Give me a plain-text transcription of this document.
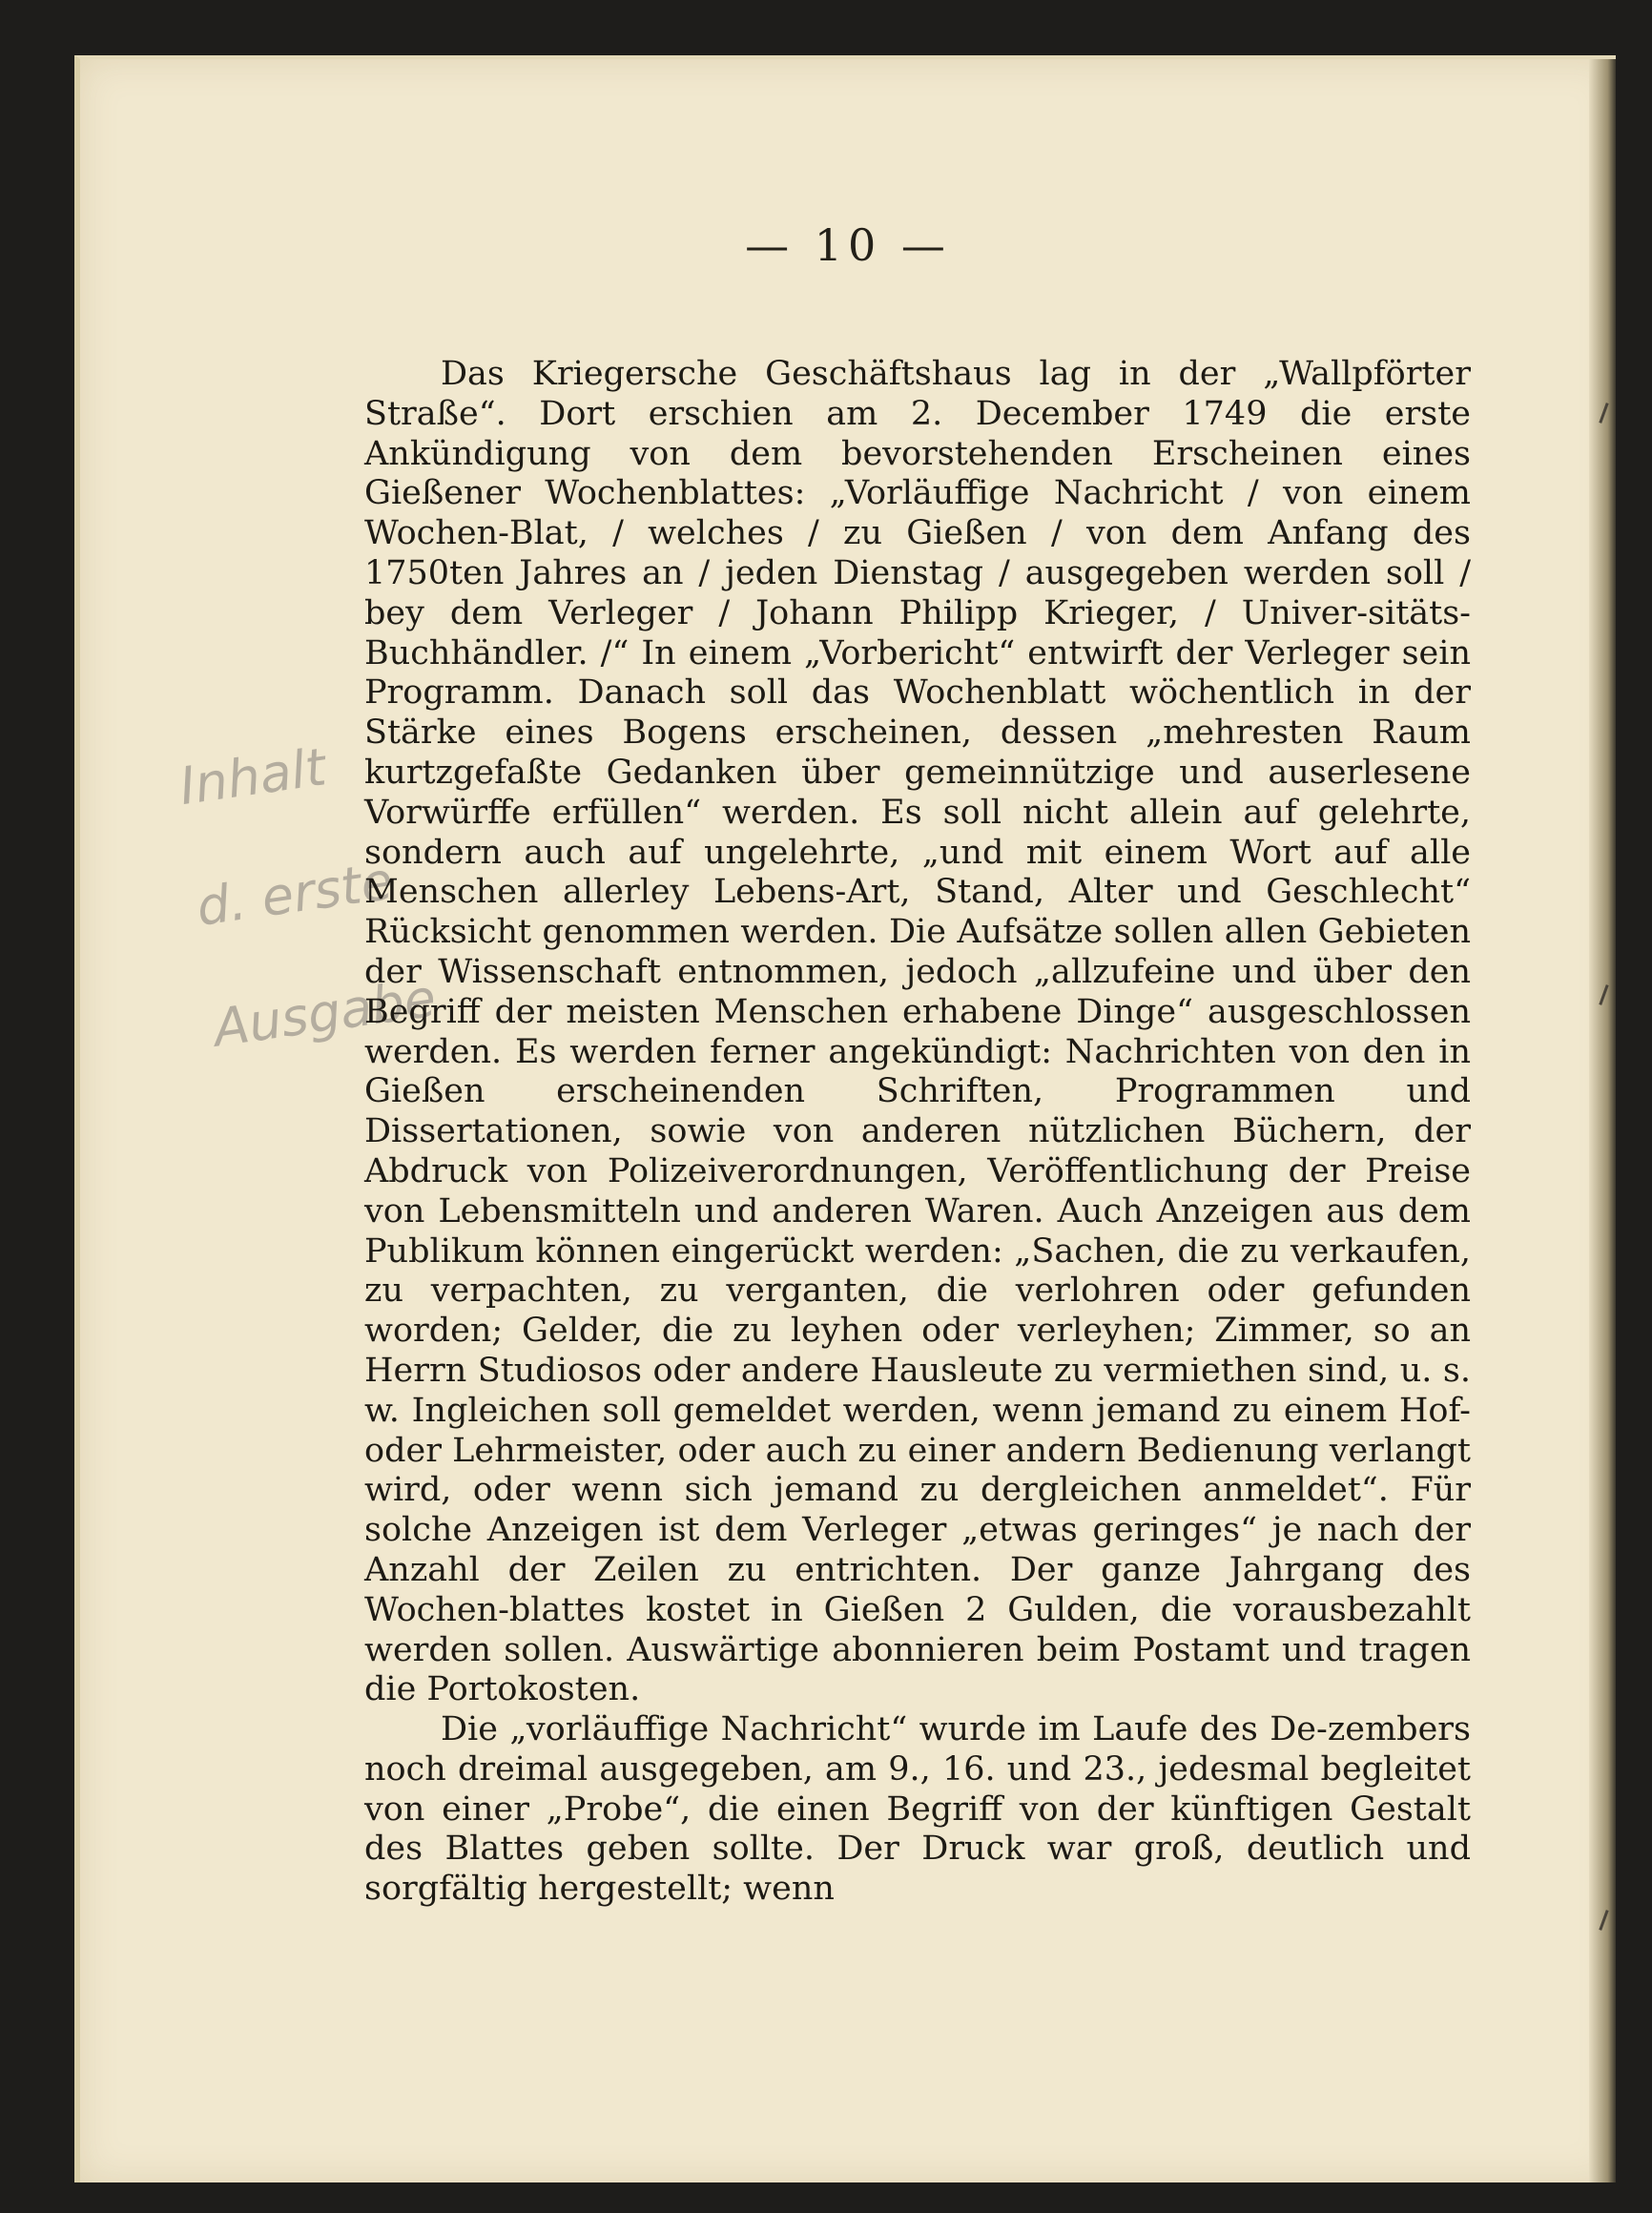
— 10 —
Inhalt
d. erste
Ausgabe

Das Kriegersche Geschäftshaus lag in der „Wallpförter Straße“. Dort erschien am 2. December 1749 die erste Ankündigung von dem bevorstehenden Erscheinen eines Gießener Wochenblattes: „Vorläuffige Nachricht / von einem Wochen-Blat, / welches / zu Gießen / von dem Anfang des 1750ten Jahres an / jeden Dienstag / ausgegeben werden soll / bey dem Verleger / Johann Philipp Krieger, / Univer-sitäts-Buchhändler. /“ In einem „Vorbericht“ entwirft der Verleger sein Programm. Danach soll das Wochenblatt wöchentlich in der Stärke eines Bogens erscheinen, dessen „mehresten Raum kurtzgefaßte Gedanken über gemeinnützige und auserlesene Vorwürffe erfüllen“ werden. Es soll nicht allein auf gelehrte, sondern auch auf ungelehrte, „und mit einem Wort auf alle Menschen allerley Lebens-Art, Stand, Alter und Geschlecht“ Rücksicht genommen werden. Die Aufsätze sollen allen Gebieten der Wissenschaft entnommen, jedoch „allzufeine und über den Begriff der meisten Menschen erhabene Dinge“ ausgeschlossen werden. Es werden ferner angekündigt: Nachrichten von den in Gießen erscheinenden Schriften, Programmen und Dissertationen, sowie von anderen nützlichen Büchern, der Abdruck von Polizeiverordnungen, Veröffentlichung der Preise von Lebensmitteln und anderen Waren. Auch Anzeigen aus dem Publikum können eingerückt werden: „Sachen, die zu verkaufen, zu verpachten, zu verganten, die verlohren oder gefunden worden; Gelder, die zu leyhen oder verleyhen; Zimmer, so an Herrn Studiosos oder andere Hausleute zu vermiethen sind, u. s. w. Ingleichen soll gemeldet werden, wenn jemand zu einem Hof- oder Lehrmeister, oder auch zu einer andern Bedienung verlangt wird, oder wenn sich jemand zu dergleichen anmeldet“. Für solche Anzeigen ist dem Verleger „etwas geringes“ je nach der Anzahl der Zeilen zu entrichten. Der ganze Jahrgang des Wochen-blattes kostet in Gießen 2 Gulden, die vorausbezahlt werden sollen. Auswärtige abonnieren beim Postamt und tragen die Portokosten.

Die „vorläuffige Nachricht“ wurde im Laufe des De-zembers noch dreimal ausgegeben, am 9., 16. und 23., jedesmal begleitet von einer „Probe“, die einen Begriff von der künftigen Gestalt des Blattes geben sollte. Der Druck war groß, deutlich und sorgfältig hergestellt; wenn
